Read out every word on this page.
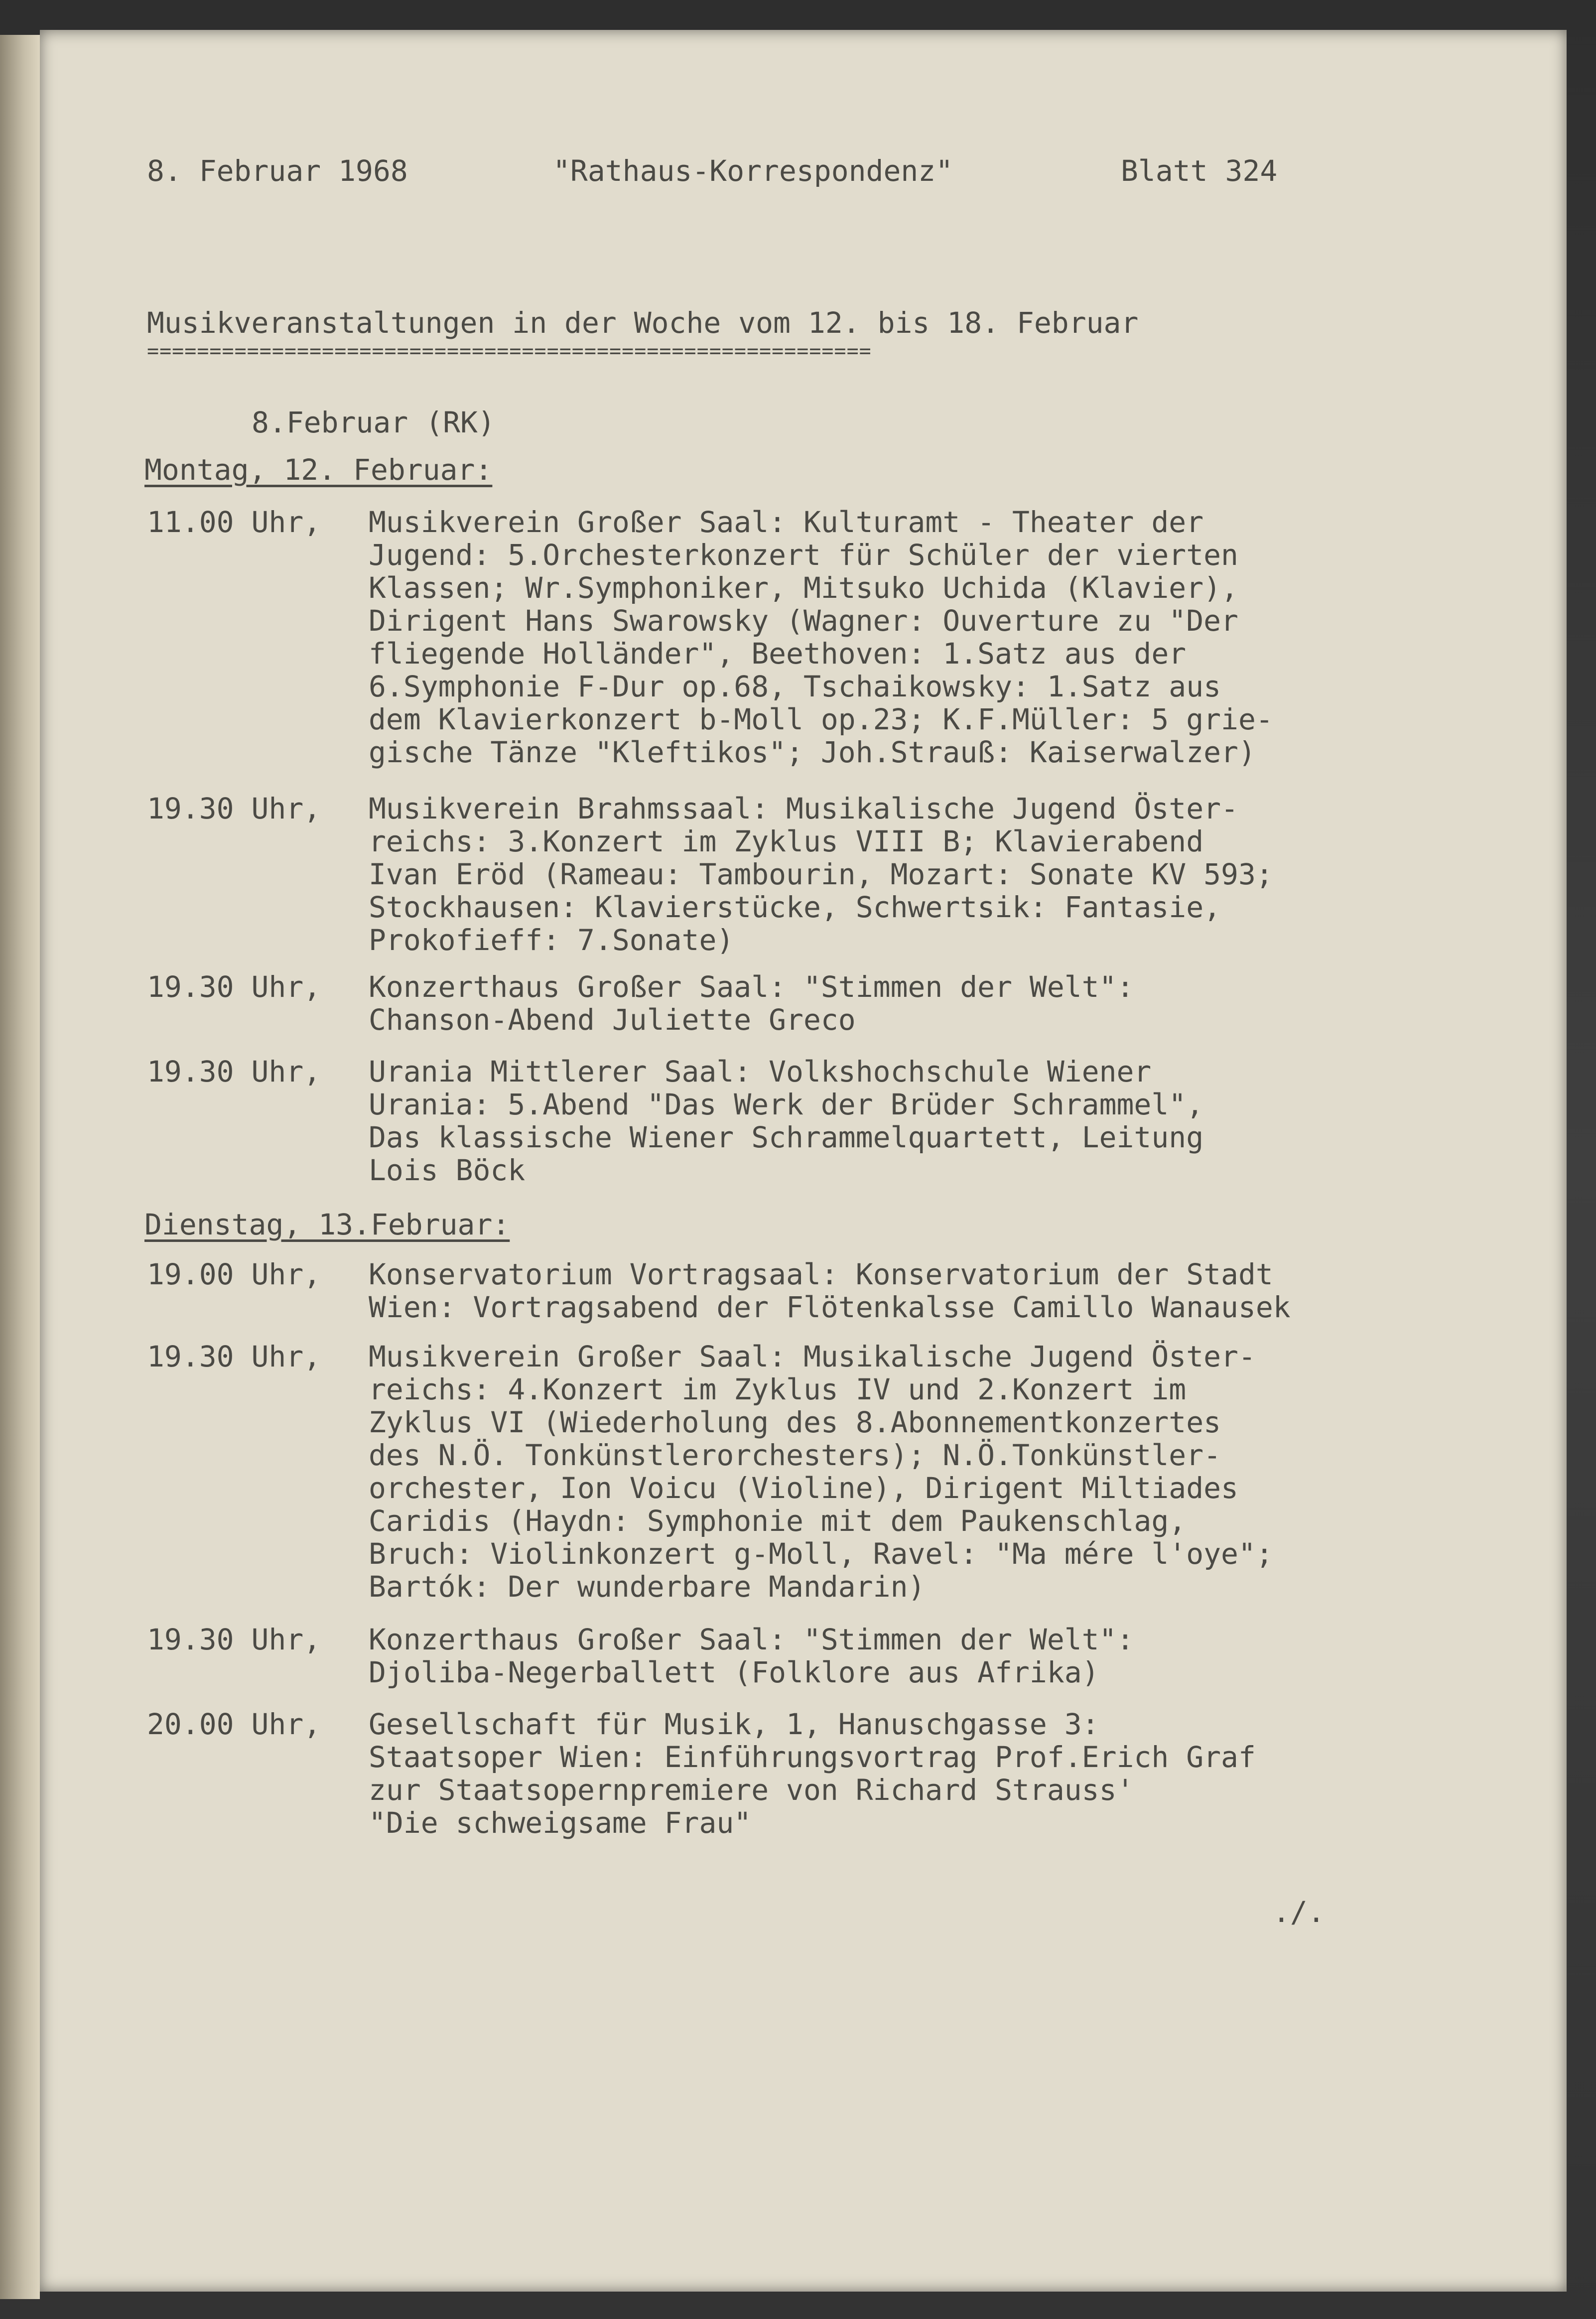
8. Februar 1968

	"Rathaus-Korrespondenz"

	Blatt 324

Musikveranstaltungen in der Woche vom 12. bis 18. Februar
==========================================================
8.Februar (RK)
Montag, 12. Februar:

11.00 Uhr,

Musikverein Großer Saal: Kulturamt - Theater der
Jugend: 5.Orchesterkonzert für Schüler der vierten
Klassen; Wr.Symphoniker, Mitsuko Uchida (Klavier),
Dirigent Hans Swarowsky (Wagner: Ouverture zu "Der
fliegende Holländer", Beethoven: 1.Satz aus der
6.Symphonie F-Dur op.68, Tschaikowsky: 1.Satz aus
dem Klavierkonzert b-Moll op.23; K.F.Müller: 5 grie-
gische Tänze "Kleftikos"; Joh.Strauß: Kaiserwalzer)

19.30 Uhr,

Musikverein Brahmssaal: Musikalische Jugend Öster-
reichs: 3.Konzert im Zyklus VIII B; Klavierabend
Ivan Eröd (Rameau: Tambourin, Mozart: Sonate KV 593;
Stockhausen: Klavierstücke, Schwertsik: Fantasie,
Prokofieff: 7.Sonate)

19.30 Uhr,

Konzerthaus Großer Saal: "Stimmen der Welt":
Chanson-Abend Juliette Greco

19.30 Uhr,

Urania Mittlerer Saal: Volkshochschule Wiener
Urania: 5.Abend "Das Werk der Brüder Schrammel",
Das klassische Wiener Schrammelquartett, Leitung
Lois Böck

Dienstag, 13.Februar:

19.00 Uhr,

Konservatorium Vortragsaal: Konservatorium der Stadt
Wien: Vortragsabend der Flötenkalsse Camillo Wanausek

19.30 Uhr,

Musikverein Großer Saal: Musikalische Jugend Öster-
reichs: 4.Konzert im Zyklus IV und 2.Konzert im
Zyklus VI (Wiederholung des 8.Abonnementkonzertes
des N.Ö. Tonkünstlerorchesters); N.Ö.Tonkünstler-
orchester, Ion Voicu (Violine), Dirigent Miltiades
Caridis (Haydn: Symphonie mit dem Paukenschlag,
Bruch: Violinkonzert g-Moll, Ravel: "Ma mére l'oye";
Bartók: Der wunderbare Mandarin)

19.30 Uhr,

Konzerthaus Großer Saal: "Stimmen der Welt":
Djoliba-Negerballett (Folklore aus Afrika)

20.00 Uhr,

Gesellschaft für Musik, 1, Hanuschgasse 3:
Staatsoper Wien: Einführungsvortrag Prof.Erich Graf
zur Staatsopernpremiere von Richard Strauss'
"Die schweigsame Frau"

./.
